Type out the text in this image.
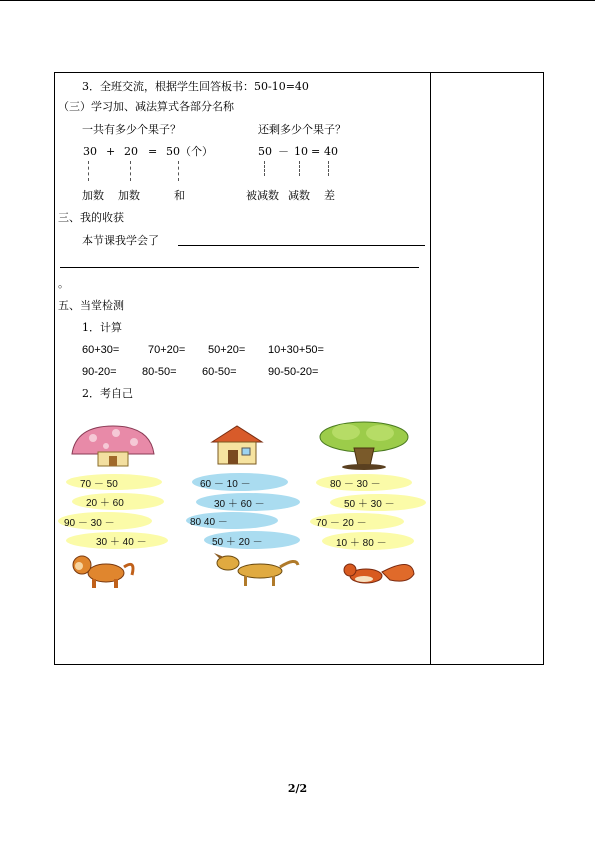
3．全班交流，根据学生回答板书：50-10=40
（三）学习加、减法算式各部分名称
一共有多少个果子？	还剩多少个果子？
30 + 20 = 50（个）	50 － 10 = 40
加数 加数	和	被减数 减数 差
三、我的收获
本节课我学会了
。
五、当堂检测
1．计算
60+30=	70+20= 50+20= 10+30+50=
90-20= 80-50= 60-50=	90-50-20=
2．考自己
70 － 50
20 ＋ 60
90 － 30 －
30 ＋ 40 －
60 － 10 －
30 ＋ 60 －
80 40 －
50 ＋ 20 －
80 － 30 －
50 ＋ 30 －
70 － 20 －
10 ＋ 80 －
2/2
